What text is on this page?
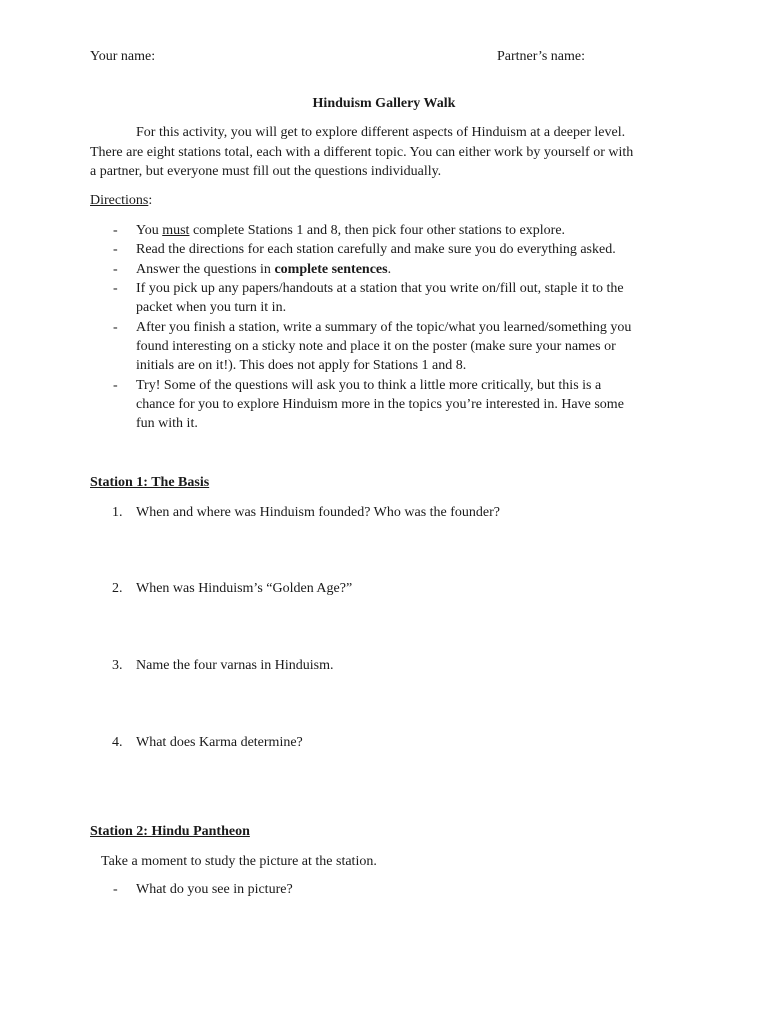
Your name:	Partner’s name:
Hinduism Gallery Walk
For this activity, you will get to explore different aspects of Hinduism at a deeper level.
There are eight stations total, each with a different topic. You can either work by yourself or with
a partner, but everyone must fill out the questions individually.
Directions:
- You must complete Stations 1 and 8, then pick four other stations to explore.
- Read the directions for each station carefully and make sure you do everything asked.
- Answer the questions in complete sentences.
- If you pick up any papers/handouts at a station that you write on/fill out, staple it to the
packet when you turn it in.
- After you finish a station, write a summary of the topic/what you learned/something you
found interesting on a sticky note and place it on the poster (make sure your names or
initials are on it!). This does not apply for Stations 1 and 8.
- Try! Some of the questions will ask you to think a little more critically, but this is a
chance for you to explore Hinduism more in the topics you’re interested in. Have some
fun with it.
Station 1: The Basis
1. When and where was Hinduism founded? Who was the founder?
2. When was Hinduism’s “Golden Age?”
3. Name the four varnas in Hinduism.
4. What does Karma determine?
Station 2: Hindu Pantheon
Take a moment to study the picture at the station.
- What do you see in picture?
